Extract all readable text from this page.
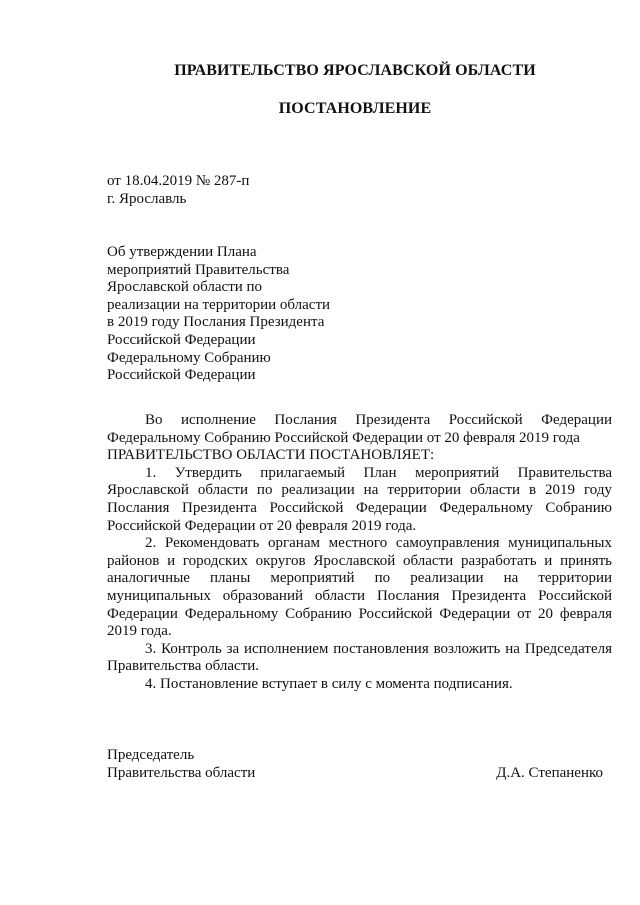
ПРАВИТЕЛЬСТВО ЯРОСЛАВСКОЙ ОБЛАСТИ
ПОСТАНОВЛЕНИЕ
от 18.04.2019 № 287-п
г. Ярославль
Об утверждении Плана
мероприятий Правительства
Ярославской области по
реализации на территории области
в 2019 году Послания Президента
Российской Федерации
Федеральному Собранию
Российской Федерации
Во исполнение Послания Президента Российской Федерации
Федеральному Собранию Российской Федерации от 20 февраля 2019 года
ПРАВИТЕЛЬСТВО ОБЛАСТИ ПОСТАНОВЛЯЕТ:
1. Утвердить прилагаемый План мероприятий Правительства
Ярославской области по реализации на территории области в 2019 году
Послания Президента Российской Федерации Федеральному Собранию
Российской Федерации от 20 февраля 2019 года.
2. Рекомендовать органам местного самоуправления муниципальных
районов и городских округов Ярославской области разработать и принять
аналогичные планы мероприятий по реализации на территории
муниципальных образований области Послания Президента Российской
Федерации Федеральному Собранию Российской Федерации от 20 февраля
2019 года.
3. Контроль за исполнением постановления возложить на Председателя
Правительства области.
4. Постановление вступает в силу с момента подписания.
Председатель
Правительства области	Д.А. Степаненко
